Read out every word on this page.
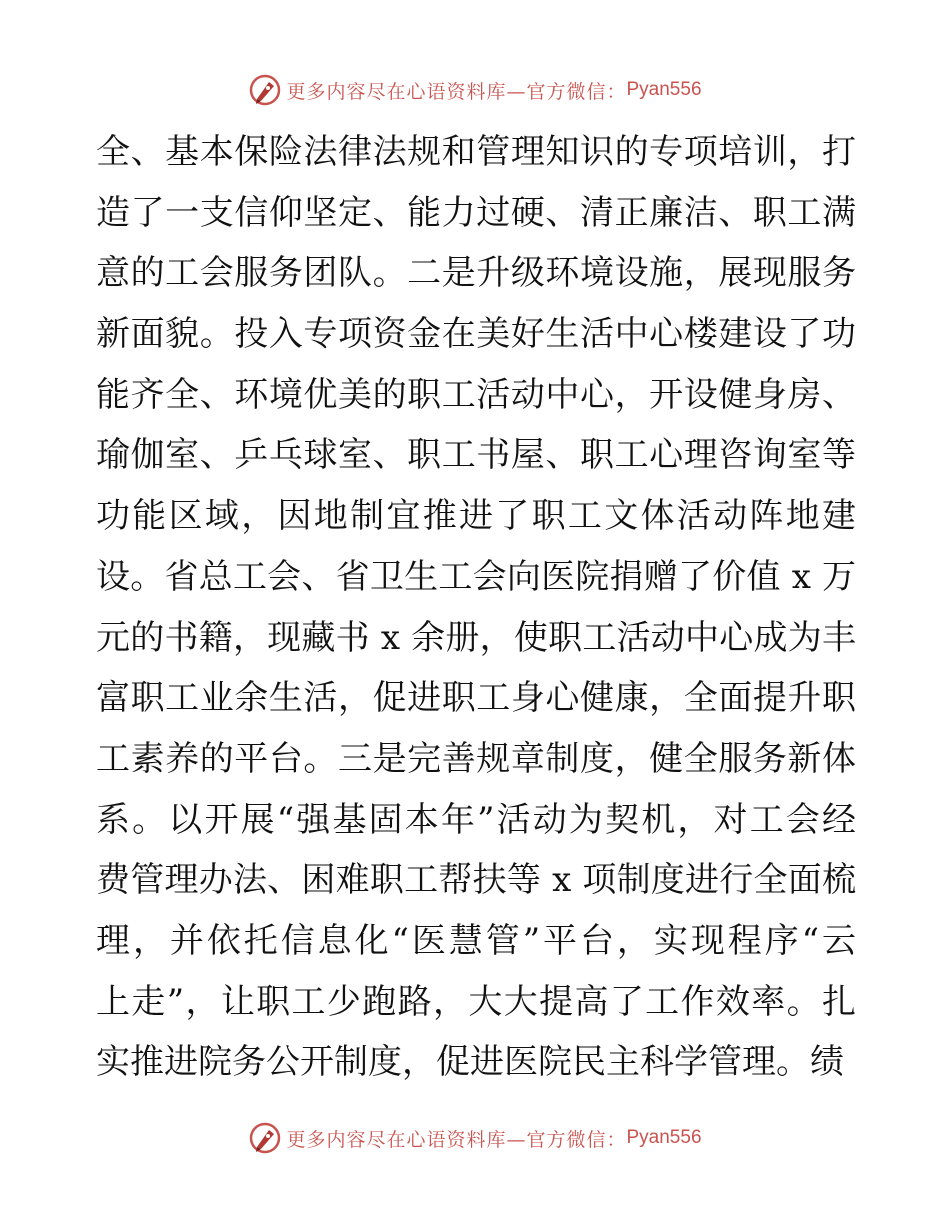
更多内容尽在心语资料库—官方微信： Pyan556
全、基本保险法律法规和管理知识的专项培训，打
造了一支信仰坚定、能力过硬、清正廉洁、职工满
意的工会服务团队。二是升级环境设施，展现服务
新面貌。投入专项资金在美好生活中心楼建设了功
能齐全、环境优美的职工活动中心，开设健身房、
瑜伽室、乒乓球室、职工书屋、职工心理咨询室等
功能区域，因地制宜推进了职工文体活动阵地建
设。省总工会、省卫生工会向医院捐赠了价值 x 万
元的书籍，现藏书 x 余册，使职工活动中心成为丰
富职工业余生活，促进职工身心健康，全面提升职
工素养的平台。三是完善规章制度，健全服务新体
系。以开展“强基固本年”活动为契机，对工会经
费管理办法、困难职工帮扶等 x 项制度进行全面梳
理，并依托信息化“医慧管”平台，实现程序“云
上走”，让职工少跑路，大大提高了工作效率。扎
实推进院务公开制度，促进医院民主科学管理。绩
更多内容尽在心语资料库—官方微信： Pyan556
